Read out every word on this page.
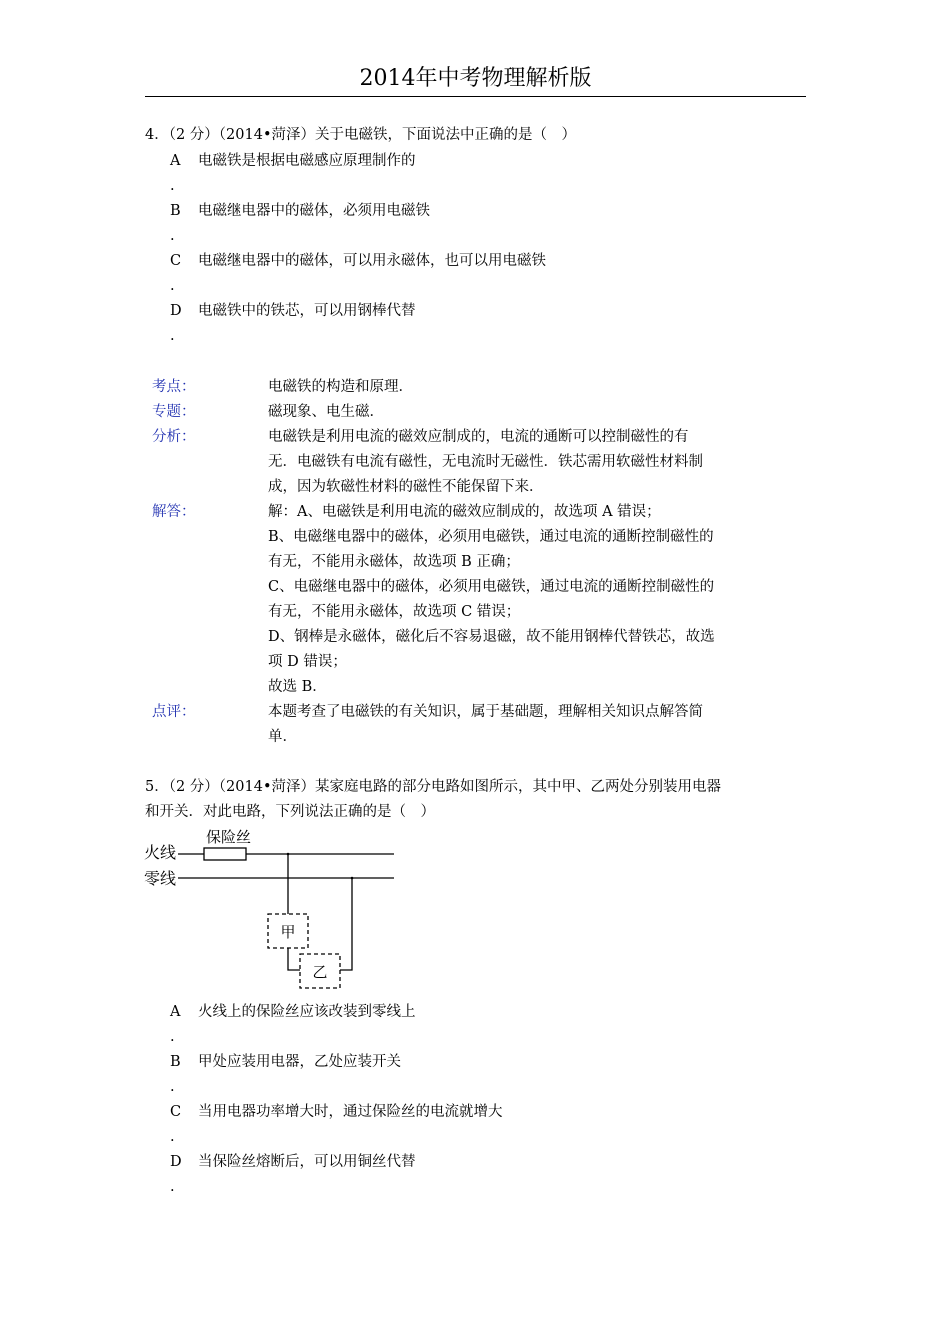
2014年中考物理解析版
4．（2 分）（2014•菏泽）关于电磁铁，下面说法中正确的是（　）
A 电磁铁是根据电磁感应原理制作的
.
B 电磁继电器中的磁体，必须用电磁铁
.
C 电磁继电器中的磁体，可以用永磁体，也可以用电磁铁
.
D 电磁铁中的铁芯，可以用钢棒代替
.
考点：	电磁铁的构造和原理．
专题：	磁现象、电生磁．
分析：	电磁铁是利用电流的磁效应制成的，电流的通断可以控制磁性的有
无．电磁铁有电流有磁性，无电流时无磁性．铁芯需用软磁性材料制
成，因为软磁性材料的磁性不能保留下来．
解答：	解：A、电磁铁是利用电流的磁效应制成的，故选项 A 错误；
B、电磁继电器中的磁体，必须用电磁铁，通过电流的通断控制磁性的
有无，不能用永磁体，故选项 B 正确；
C、电磁继电器中的磁体，必须用电磁铁，通过电流的通断控制磁性的
有无，不能用永磁体，故选项 C 错误；
D、钢棒是永磁体，磁化后不容易退磁，故不能用钢棒代替铁芯，故选
项 D 错误；
故选 B．
点评：	本题考查了电磁铁的有关知识，属于基础题，理解相关知识点解答简
单．
5．（2 分）（2014•菏泽）某家庭电路的部分电路如图所示，其中甲、乙两处分别装用电器
和开关．对此电路，下列说法正确的是（　）
火线
零线
保险丝
甲
乙
A 火线上的保险丝应该改装到零线上
.
B 甲处应装用电器，乙处应装开关
.
C 当用电器功率增大时，通过保险丝的电流就增大
.
D 当保险丝熔断后，可以用铜丝代替
.
